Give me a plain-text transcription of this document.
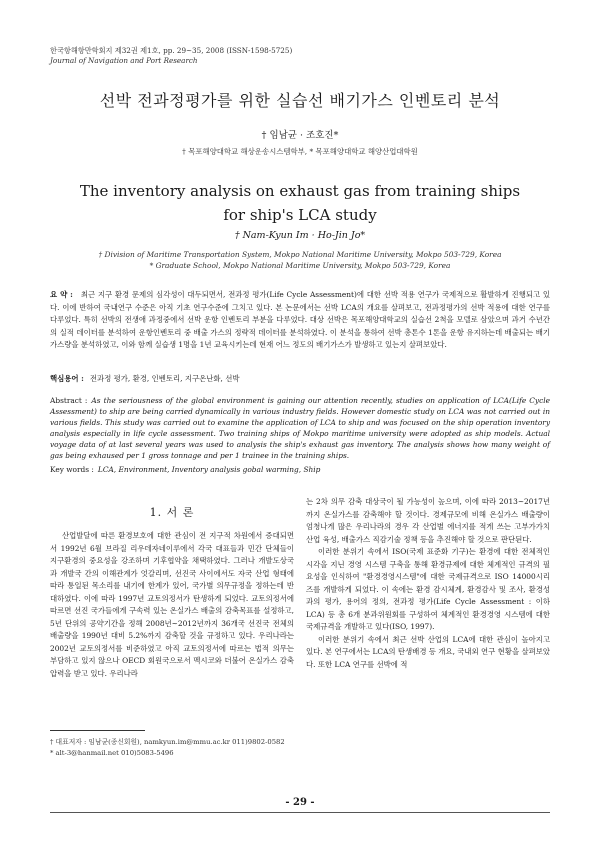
한국항해항만학회지 제32권 제1호, pp. 29~35, 2008 (ISSN-1598-5725)
Journal of Navigation and Port Research
선박 전과정평가를 위한 실습선 배기가스 인벤토리 분석
† 임남균 · 조호진*
† 목포해양대학교 해상운송시스템학부, * 목포해양대학교 해양산업대학원
The inventory analysis on exhaust gas from training ships
for ship's LCA study
† Nam-Kyun Im · Ho-Jin Jo*
† Division of Maritime Transportation System, Mokpo National Maritime University, Mokpo 503-729, Korea
* Graduate School, Mokpo National Maritime University, Mokpo 503-729, Korea
요 약 : 최근 지구 환경 문제의 심각성이 대두되면서, 전과정 평가(Life Cycle Assessment)에 대한 선박 적용 연구가 국제적으로 활발하게 진행되고 있다. 이에 반하여 국내연구 수준은 아직 기초 연구수준에 그치고 있다. 본 논문에서는 선박 LCA의 개요를 살펴보고, 전과정평가의 선박 적용에 대한 연구를 다루었다. 특히 선박의 전생애 과정중에서 선박 운항 인벤토리 부분을 다루었다. 대상 선박은 목포해양대학교의 실습선 2척을 모델로 삼았으며 과거 수년간의 실적 데이터를 분석하여 운항인벤토리 중 배출 가스의 정략적 데이터를 분석하였다. 이 분석을 통하여 선박 총톤수 1톤을 운항 유지하는데 배출되는 배기 가스량을 분석하였고, 이와 함께 실습생 1명을 1년 교육시키는데 현재 어느 정도의 배기가스가 발생하고 있는지 살펴보았다.
핵심용어 : 전과정 평가, 환경, 인벤토리, 지구온난화, 선박
Abstract : As the seriousness of the global environment is gaining our attention recently, studies on application of LCA(Life Cycle Assessment) to ship are being carried dynamically in various industry fields. However domestic study on LCA was not carried out in various fields. This study was carried out to examine the application of LCA to ship and was focused on the ship operation inventory analysis especially in life cycle assessment. Two training ships of Mokpo maritime university were adopted as ship models. Actual voyage data of at last several years was used to analysis the ship's exhaust gas inventory. The analysis shows how many weight of gas being exhaused per 1 gross tonnage and per 1 trainee in the training ships.
Key words : LCA, Environment, Inventory analysis gobal warming, Ship
1. 서 론

산업발달에 따른 환경보호에 대한 관심이 전 지구적 차원에서 증대되면서 1992년 6월 브라질 리우데자네이루에서 각국 대표들과 민간 단체들이 지구환경의 중요성을 강조하며 기후협약을 채택하였다. 그러나 개발도상국과 개발국 간의 이해관계가 엇갈리며, 선진국 사이에서도 자국 산업 형태에 따라 통일된 목소리를 내기에 한계가 있어, 국가별 의무규정을 정하는데 반대하였다. 이에 따라 1997년 교토의정서가 탄생하게 되었다. 교토의정서에 따르면 선진 국가들에게 구속력 있는 온실가스 배출의 감축목표를 설정하고, 5년 단위의 공약기간을 정해 2008년~2012년까지 36개국 선진국 전체의 배출량을 1990년 대비 5.2%까지 감축할 것을 규정하고 있다. 우리나라는 2002년 교토의정서를 비준하였고 아직 교토의정서에 따르는 법적 의무는 부담하고 있지 않으나 OECD 회원국으로서 멕시코와 더불어 온실가스 감축 압력을 받고 있다. 우리나라

는 2차 의무 감축 대상국이 될 가능성이 높으며, 이에 따라 2013~2017년까지 온실가스를 감축해야 할 것이다. 경제규모에 비해 온실가스 배출량이 엄청나게 많은 우리나라의 경우 각 산업별 에너지를 적게 쓰는 고부가가치 산업 육성, 배출가스 직감기술 정책 등을 추진해야 할 것으로 판단된다.

이러한 분위기 속에서 ISO(국제 표준화 기구)는 환경에 대한 전체적인 시각을 지닌 경영 시스템 구축을 통해 환경규제에 대한 체계적인 규격의 필요성을 인식하여 "환경경영시스템"에 대한 국제규격으로 ISO 14000시리즈를 개발하게 되었다. 이 속에는 환경 감시체계, 환경감사 및 조사, 환경성과의 평가, 용어의 정의, 전과정 평가(Life Cycle Assessment : 이하 LCA) 등 총 6개 분과위원회를 구성하여 체계적인 환경경영 시스템에 대한 국제규격을 개발하고 있다(ISO, 1997).

이러한 분위기 속에서 최근 선박 산업의 LCA에 대한 관심이 높아지고 있다. 본 연구에서는 LCA의 탄생배경 등 개요, 국내외 연구 현황을 살펴보았다. 또한 LCA 연구를 선박에 적

† 대표저자 : 임남균(종신회원), namkyun.im@mmu.ac.kr 011)9802-0582
* alt-3@hanmail.net 010)5083-5496
- 29 -
